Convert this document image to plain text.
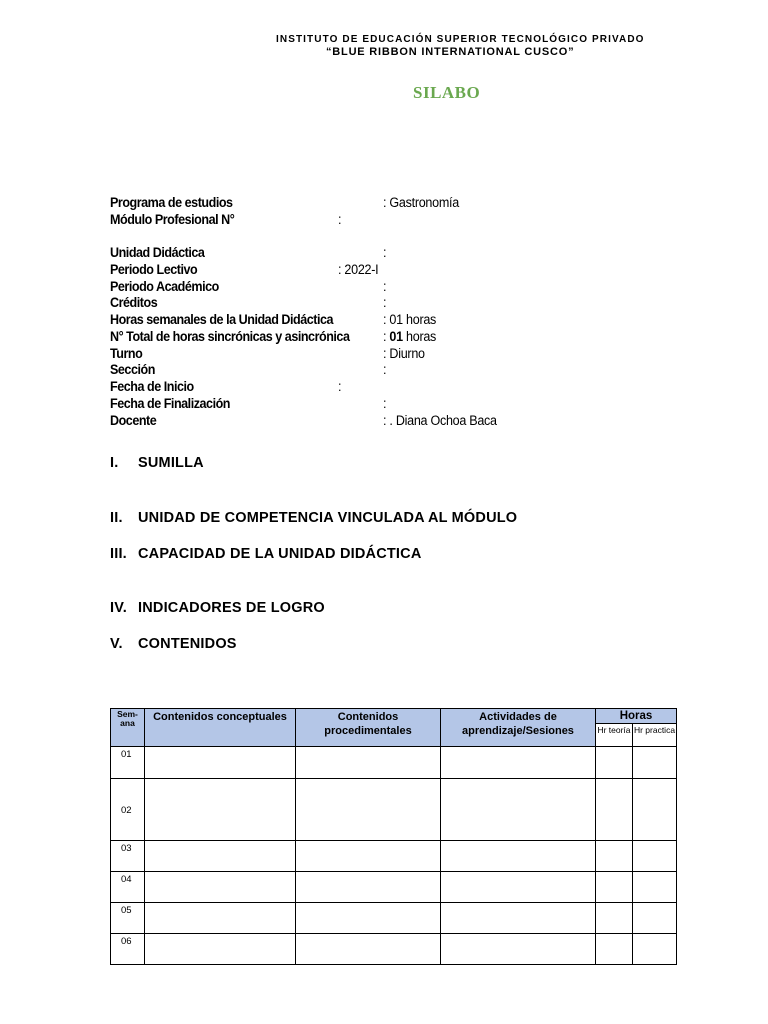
INSTITUTO DE EDUCACIÓN SUPERIOR TECNOLÓGICO PRIVADO
“BLUE RIBBON INTERNATIONAL CUSCO”
SILABO
Programa de estudios	: Gastronomía
Módulo Profesional N°	:
Unidad Didáctica	:
Periodo Lectivo	: 2022-I
Periodo Académico	:
Créditos	:
Horas semanales de la Unidad Didáctica	: 01 horas
N° Total de horas sincrónicas y asincrónica : 01 horas
Turno	: Diurno
Sección	:
Fecha de Inicio	:
Fecha de Finalización	:
Docente	: . Diana Ochoa Baca
I. SUMILLA
II. UNIDAD DE COMPETENCIA VINCULADA AL MÓDULO
III. CAPACIDAD DE LA UNIDAD DIDÁCTICA
IV. INDICADORES DE LOGRO
V. CONTENIDOS
Sem-ana	Contenidos conceptuales	Contenidos procedimentales	Actividades de aprendizaje/Sesiones	Horas	
				Hr teoría	Hr practica
01					
02					
03					
04					
05					
06					
